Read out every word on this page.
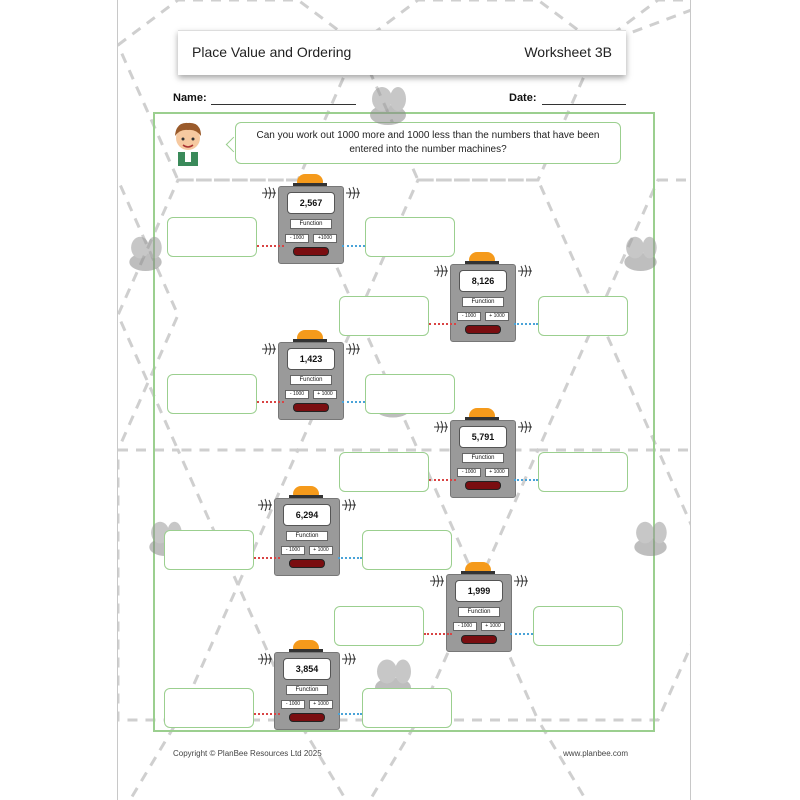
Place Value and Ordering	Worksheet 3B
Name:	Date:
Can you work out 1000 more and 1000 less than the numbers that have been
entered into the number machines?
2,567
Function
- 1000	+1000
8,126
Function
- 1000	+ 1000
1,423
Function
- 1000	+ 1000
5,791
Function
- 1000	+ 1000
6,294
Function
- 1000	+ 1000
1,999
Function
- 1000	+ 1000
3,854
Function
- 1000	+ 1000
Copyright © PlanBee Resources Ltd 2025	www.planbee.com
